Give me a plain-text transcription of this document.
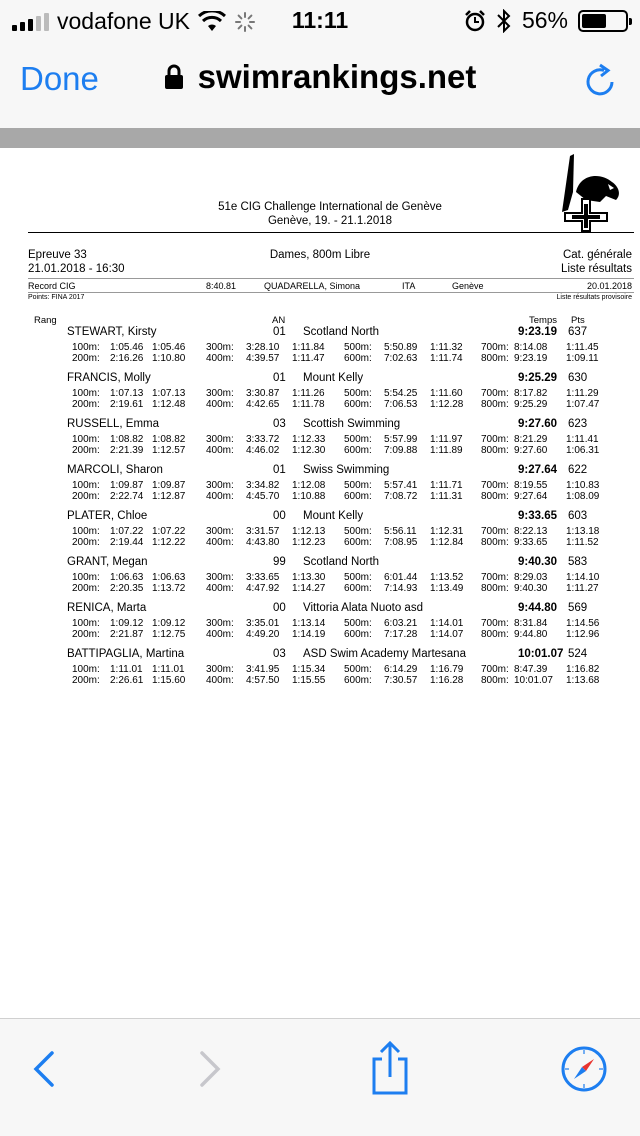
vodafone UK	11:11	56%
Done	swimrankings.net
51e CIG Challenge International de Genève
Genève, 19. - 21.1.2018
Epreuve 33
21.01.2018 - 16:30
Dames, 800m Libre	Cat. générale
Liste résultats
Record CIG	8:40.81	QUADARELLA, Simona	ITA	Genève	20.01.2018
Points: FINA 2017	Liste résultats provisoire
Rang	AN	Temps Pts
STEWART, Kirsty	01 Scotland North	9:23.19 637
100m: 1:05.46 1:05.46 300m: 3:28.10 1:11.84 500m: 5:50.89 1:11.32 700m: 8:14.08 1:11.45
200m: 2:16.26 1:10.80 400m: 4:39.57 1:11.47 600m: 7:02.63 1:11.74 800m: 9:23.19 1:09.11
FRANCIS, Molly	01 Mount Kelly	9:25.29 630
100m: 1:07.13 1:07.13 300m: 3:30.87 1:11.26 500m: 5:54.25 1:11.60 700m: 8:17.82 1:11.29
200m: 2:19.61 1:12.48 400m: 4:42.65 1:11.78 600m: 7:06.53 1:12.28 800m: 9:25.29 1:07.47
RUSSELL, Emma	03 Scottish Swimming	9:27.60 623
100m: 1:08.82 1:08.82 300m: 3:33.72 1:12.33 500m: 5:57.99 1:11.97 700m: 8:21.29 1:11.41
200m: 2:21.39 1:12.57 400m: 4:46.02 1:12.30 600m: 7:09.88 1:11.89 800m: 9:27.60 1:06.31
MARCOLI, Sharon	01 Swiss Swimming	9:27.64 622
100m: 1:09.87 1:09.87 300m: 3:34.82 1:12.08 500m: 5:57.41 1:11.71 700m: 8:19.55 1:10.83
200m: 2:22.74 1:12.87 400m: 4:45.70 1:10.88 600m: 7:08.72 1:11.31 800m: 9:27.64 1:08.09
PLATER, Chloe	00 Mount Kelly	9:33.65 603
100m: 1:07.22 1:07.22 300m: 3:31.57 1:12.13 500m: 5:56.11 1:12.31 700m: 8:22.13 1:13.18
200m: 2:19.44 1:12.22 400m: 4:43.80 1:12.23 600m: 7:08.95 1:12.84 800m: 9:33.65 1:11.52
GRANT, Megan	99 Scotland North	9:40.30 583
100m: 1:06.63 1:06.63 300m: 3:33.65 1:13.30 500m: 6:01.44 1:13.52 700m: 8:29.03 1:14.10
200m: 2:20.35 1:13.72 400m: 4:47.92 1:14.27 600m: 7:14.93 1:13.49 800m: 9:40.30 1:11.27
RENICA, Marta	00 Vittoria Alata Nuoto asd	9:44.80 569
100m: 1:09.12 1:09.12 300m: 3:35.01 1:13.14 500m: 6:03.21 1:14.01 700m: 8:31.84 1:14.56
200m: 2:21.87 1:12.75 400m: 4:49.20 1:14.19 600m: 7:17.28 1:14.07 800m: 9:44.80 1:12.96
BATTIPAGLIA, Martina	03 ASD Swim Academy Martesana	10:01.07 524
100m: 1:11.01 1:11.01 300m: 3:41.95 1:15.34 500m: 6:14.29 1:16.79 700m: 8:47.39 1:16.82
200m: 2:26.61 1:15.60 400m: 4:57.50 1:15.55 600m: 7:30.57 1:16.28 800m: 10:01.07 1:13.68
